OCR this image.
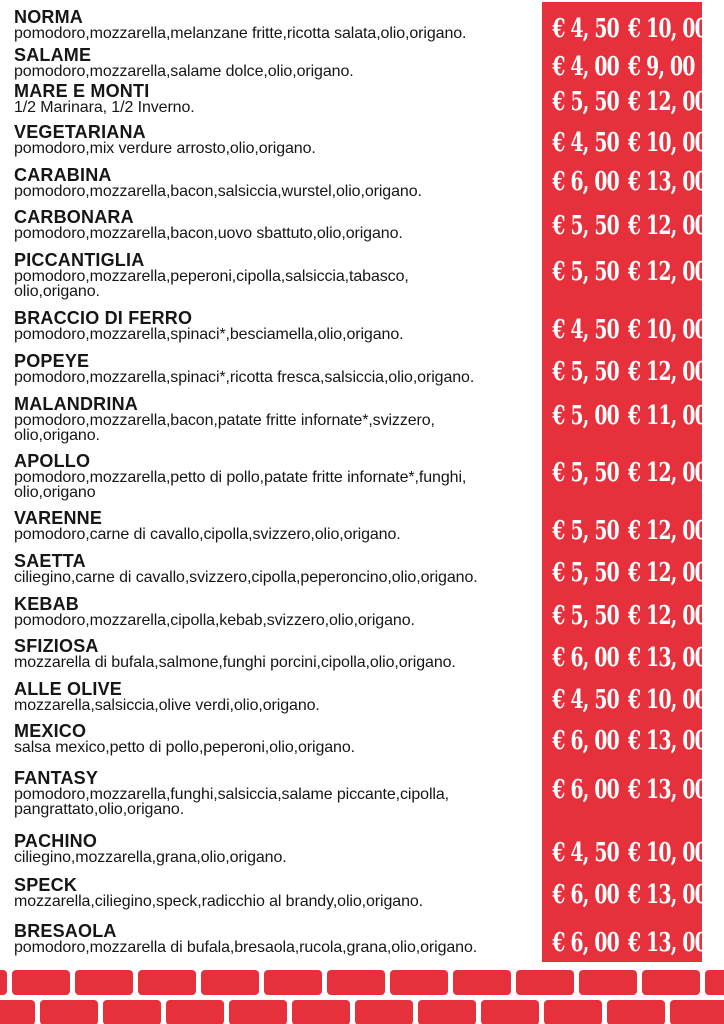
NORMA
pomodoro,mozzarella,melanzane fritte,ricotta salata,olio,origano.	€ 4, 50 € 10, 00
SALAME
pomodoro,mozzarella,salame dolce,olio,origano.	€ 4, 00 € 9, 00
MARE E MONTI
1/2 Marinara, 1/2 Inverno.	€ 5, 50 € 12, 00
VEGETARIANA
pomodoro,mix verdure arrosto,olio,origano.	€ 4, 50 € 10, 00
CARABINA
pomodoro,mozzarella,bacon,salsiccia,wurstel,olio,origano.	€ 6, 00 € 13, 00
CARBONARA
pomodoro,mozzarella,bacon,uovo sbattuto,olio,origano.	€ 5, 50 € 12, 00
PICCANTIGLIA
pomodoro,mozzarella,peperoni,cipolla,salsiccia,tabasco,
olio,origano.
€ 5, 50 € 12, 00
BRACCIO DI FERRO
pomodoro,mozzarella,spinaci*,besciamella,olio,origano.	€ 4, 50 € 10, 00
POPEYE
pomodoro,mozzarella,spinaci*,ricotta fresca,salsiccia,olio,origano.	€ 5, 50 € 12, 00
MALANDRINA
pomodoro,mozzarella,bacon,patate fritte infornate*,svizzero,
olio,origano.
€ 5, 00 € 11, 00
APOLLO
pomodoro,mozzarella,petto di pollo,patate fritte infornate*,funghi,
olio,origano
€ 5, 50 € 12, 00
VARENNE
pomodoro,carne di cavallo,cipolla,svizzero,olio,origano.	€ 5, 50 € 12, 00
SAETTA
ciliegino,carne di cavallo,svizzero,cipolla,peperoncino,olio,origano.	€ 5, 50 € 12, 00
KEBAB
pomodoro,mozzarella,cipolla,kebab,svizzero,olio,origano.	€ 5, 50 € 12, 00
SFIZIOSA
mozzarella di bufala,salmone,funghi porcini,cipolla,olio,origano.	€ 6, 00 € 13, 00
ALLE OLIVE
mozzarella,salsiccia,olive verdi,olio,origano.	€ 4, 50 € 10, 00
MEXICO
salsa mexico,petto di pollo,peperoni,olio,origano.	€ 6, 00 € 13, 00
FANTASY
pomodoro,mozzarella,funghi,salsiccia,salame piccante,cipolla,
pangrattato,olio,origano.
€ 6, 00 € 13, 00
PACHINO
ciliegino,mozzarella,grana,olio,origano.	€ 4, 50 € 10, 00
SPECK
mozzarella,ciliegino,speck,radicchio al brandy,olio,origano.	€ 6, 00 € 13, 00
BRESAOLA
pomodoro,mozzarella di bufala,bresaola,rucola,grana,olio,origano.	€ 6, 00 € 13, 00
